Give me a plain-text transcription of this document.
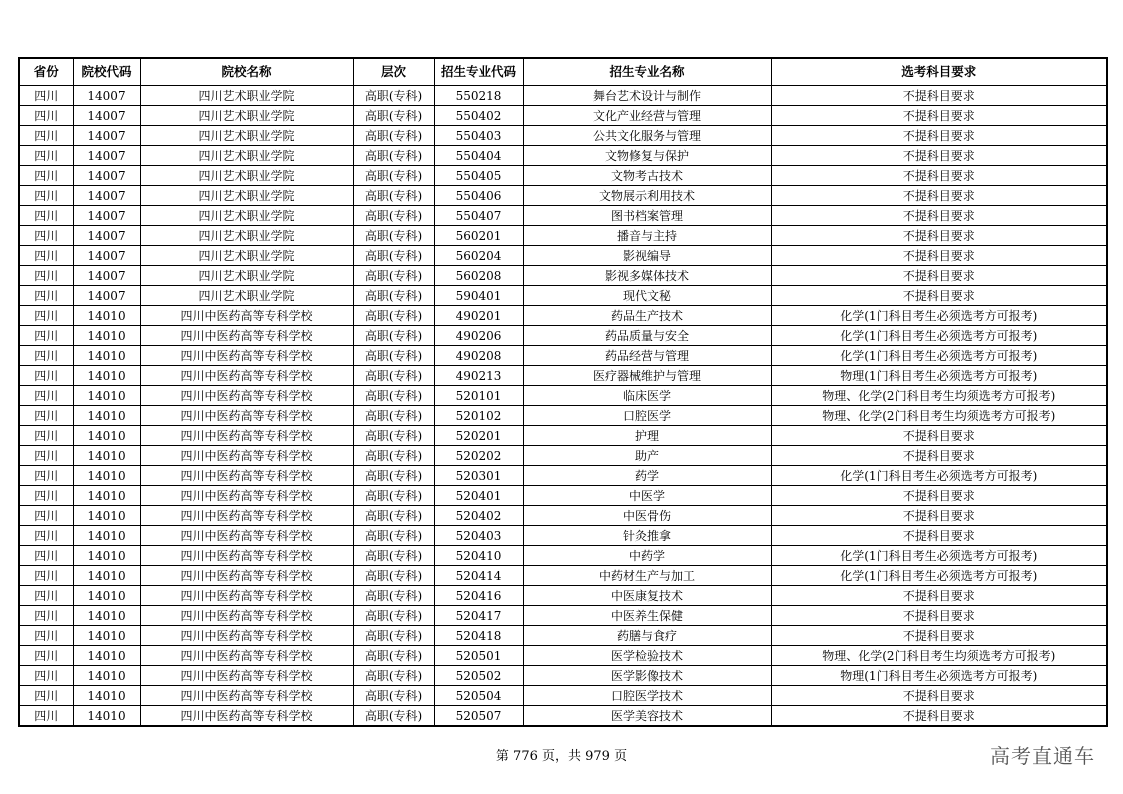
省份	院校代码	院校名称	层次	招生专业代码	招生专业名称	选考科目要求
四川	14007	四川艺术职业学院	高职(专科)	550218	舞台艺术设计与制作	不提科目要求
四川	14007	四川艺术职业学院	高职(专科)	550402	文化产业经营与管理	不提科目要求
四川	14007	四川艺术职业学院	高职(专科)	550403	公共文化服务与管理	不提科目要求
四川	14007	四川艺术职业学院	高职(专科)	550404	文物修复与保护	不提科目要求
四川	14007	四川艺术职业学院	高职(专科)	550405	文物考古技术	不提科目要求
四川	14007	四川艺术职业学院	高职(专科)	550406	文物展示利用技术	不提科目要求
四川	14007	四川艺术职业学院	高职(专科)	550407	图书档案管理	不提科目要求
四川	14007	四川艺术职业学院	高职(专科)	560201	播音与主持	不提科目要求
四川	14007	四川艺术职业学院	高职(专科)	560204	影视编导	不提科目要求
四川	14007	四川艺术职业学院	高职(专科)	560208	影视多媒体技术	不提科目要求
四川	14007	四川艺术职业学院	高职(专科)	590401	现代文秘	不提科目要求
四川	14010	四川中医药高等专科学校	高职(专科)	490201	药品生产技术	化学(1门科目考生必须选考方可报考)
四川	14010	四川中医药高等专科学校	高职(专科)	490206	药品质量与安全	化学(1门科目考生必须选考方可报考)
四川	14010	四川中医药高等专科学校	高职(专科)	490208	药品经营与管理	化学(1门科目考生必须选考方可报考)
四川	14010	四川中医药高等专科学校	高职(专科)	490213	医疗器械维护与管理	物理(1门科目考生必须选考方可报考)
四川	14010	四川中医药高等专科学校	高职(专科)	520101	临床医学	物理、化学(2门科目考生均须选考方可报考)
四川	14010	四川中医药高等专科学校	高职(专科)	520102	口腔医学	物理、化学(2门科目考生均须选考方可报考)
四川	14010	四川中医药高等专科学校	高职(专科)	520201	护理	不提科目要求
四川	14010	四川中医药高等专科学校	高职(专科)	520202	助产	不提科目要求
四川	14010	四川中医药高等专科学校	高职(专科)	520301	药学	化学(1门科目考生必须选考方可报考)
四川	14010	四川中医药高等专科学校	高职(专科)	520401	中医学	不提科目要求
四川	14010	四川中医药高等专科学校	高职(专科)	520402	中医骨伤	不提科目要求
四川	14010	四川中医药高等专科学校	高职(专科)	520403	针灸推拿	不提科目要求
四川	14010	四川中医药高等专科学校	高职(专科)	520410	中药学	化学(1门科目考生必须选考方可报考)
四川	14010	四川中医药高等专科学校	高职(专科)	520414	中药材生产与加工	化学(1门科目考生必须选考方可报考)
四川	14010	四川中医药高等专科学校	高职(专科)	520416	中医康复技术	不提科目要求
四川	14010	四川中医药高等专科学校	高职(专科)	520417	中医养生保健	不提科目要求
四川	14010	四川中医药高等专科学校	高职(专科)	520418	药膳与食疗	不提科目要求
四川	14010	四川中医药高等专科学校	高职(专科)	520501	医学检验技术	物理、化学(2门科目考生均须选考方可报考)
四川	14010	四川中医药高等专科学校	高职(专科)	520502	医学影像技术	物理(1门科目考生必须选考方可报考)
四川	14010	四川中医药高等专科学校	高职(专科)	520504	口腔医学技术	不提科目要求
四川	14010	四川中医药高等专科学校	高职(专科)	520507	医学美容技术	不提科目要求
第 776 页，共 979 页	高考直通车
